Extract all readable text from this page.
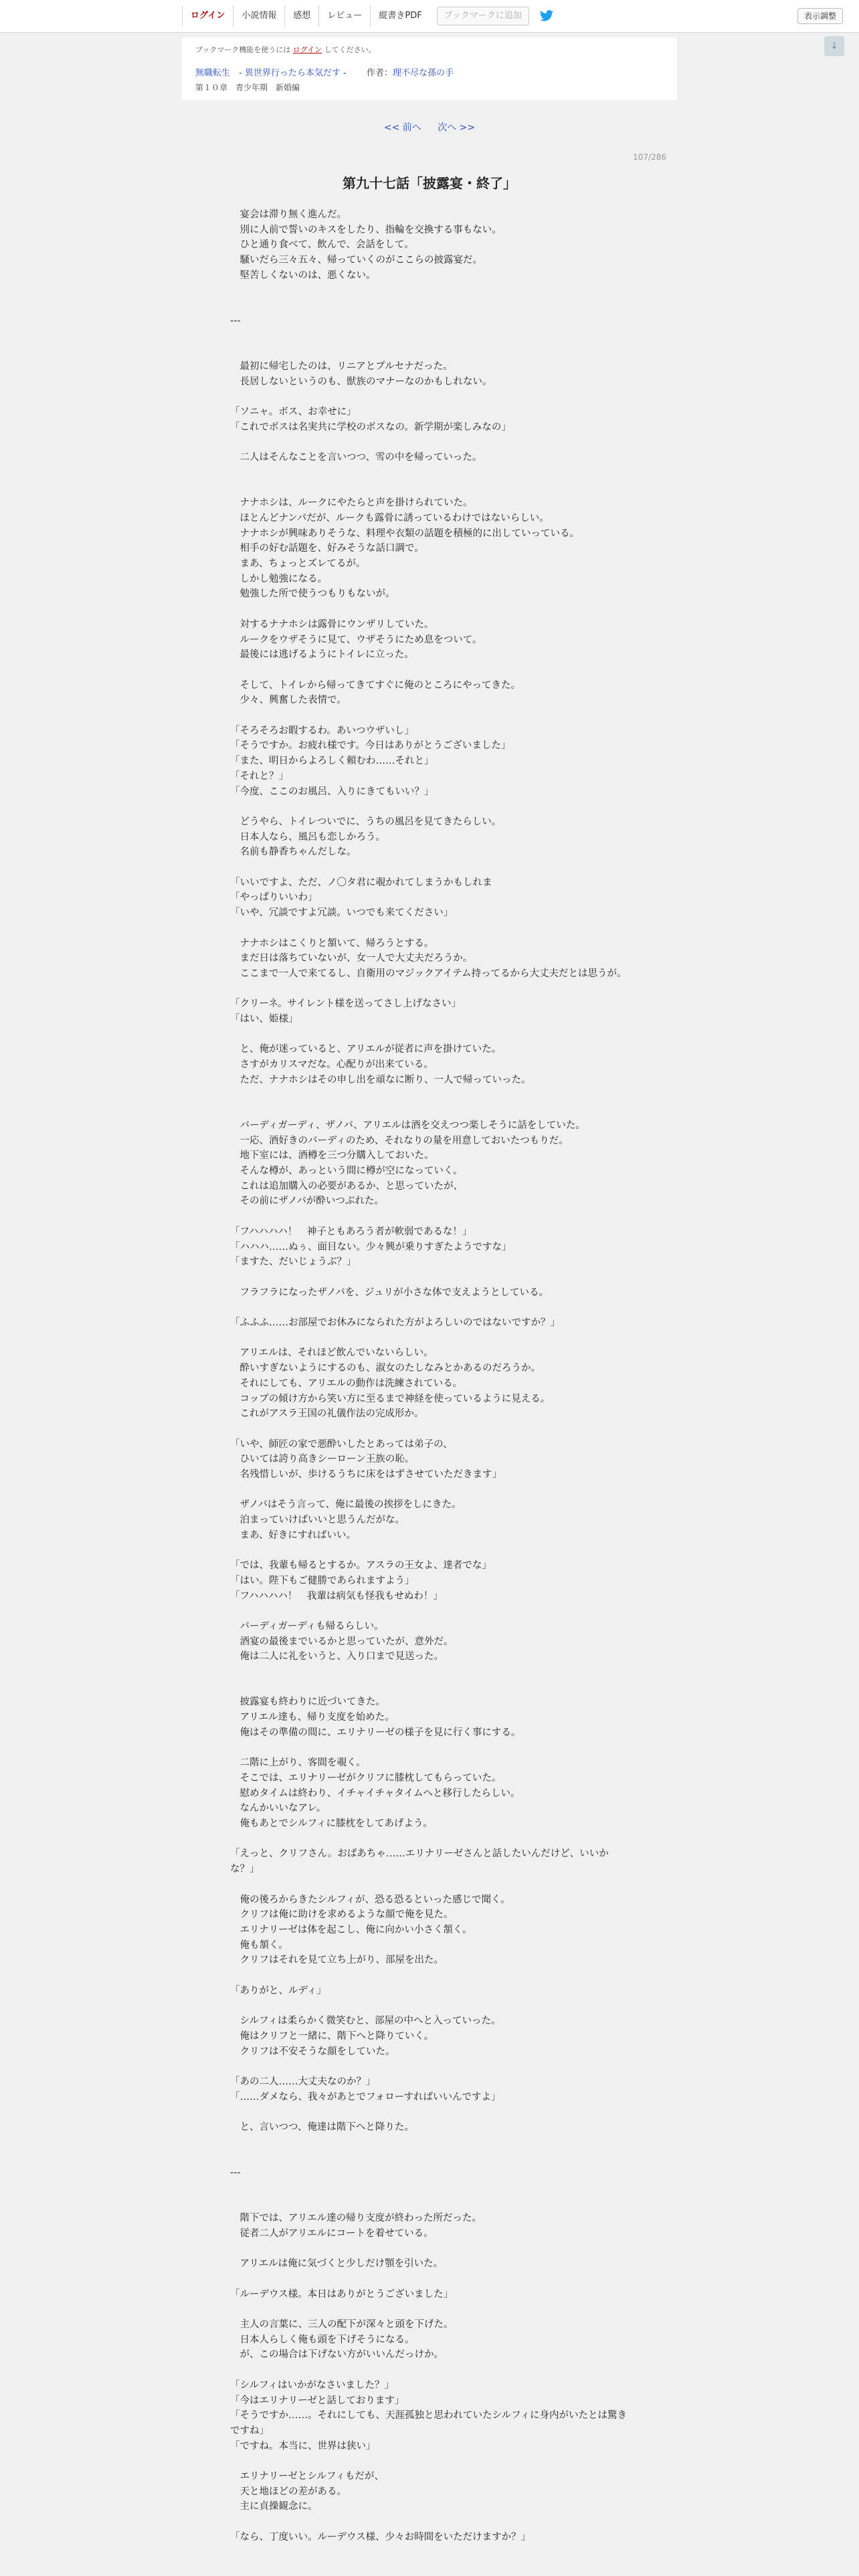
ログイン	小説情報	感想	レビュー	縦書きPDF	ブックマークに追加	表示調整
↓
ブックマーク機能を使うには ログイン してください。
無職転生　- 異世界行ったら本気だす - 作者：理不尽な孫の手
第１０章　青少年期　新婚編
<< 前へ 次へ >>
107/286
第九十七話「披露宴・終了」
　宴会は滞り無く進んだ。
　別に人前で誓いのキスをしたり、指輪を交換する事もない。
　ひと通り食べて、飲んで、会話をして。
　騒いだら三々五々、帰っていくのがここらの披露宴だ。
　堅苦しくないのは、悪くない。
---
　最初に帰宅したのは、リニアとプルセナだった。
　長居しないというのも、獣族のマナーなのかもしれない。
「ソニャ。ボス、お幸せに」
「これでボスは名実共に学校のボスなの。新学期が楽しみなの」
　二人はそんなことを言いつつ、雪の中を帰っていった。
　ナナホシは、ルークにやたらと声を掛けられていた。
　ほとんどナンパだが、ルークも露骨に誘っているわけではないらしい。
　ナナホシが興味ありそうな、料理や衣類の話題を積極的に出していっている。
　相手の好む話題を、好みそうな話口調で。
　まあ、ちょっとズレてるが。
　しかし勉強になる。
　勉強した所で使うつもりもないが。
　対するナナホシは露骨にウンザリしていた。
　ルークをウザそうに見て、ウザそうにため息をついて。
　最後には逃げるようにトイレに立った。
　そして、トイレから帰ってきてすぐに俺のところにやってきた。
　少々、興奮した表情で。
「そろそろお暇するわ。あいつウザいし」
「そうですか。お疲れ様です。今日はありがとうございました」
「また、明日からよろしく頼むわ……それと」
「それと？」
「今度、ここのお風呂、入りにきてもいい？」
　どうやら、トイレついでに、うちの風呂を見てきたらしい。
　日本人なら、風呂も恋しかろう。
　名前も静香ちゃんだしな。
「いいですよ、ただ、ノ〇タ君に覗かれてしまうかもしれま
「やっぱりいいわ」
「いや、冗談ですよ冗談。いつでも来てください」
　ナナホシはこくりと頷いて、帰ろうとする。
　まだ日は落ちていないが、女一人で大丈夫だろうか。
　ここまで一人で来てるし、自衛用のマジックアイテム持ってるから大丈夫だとは思うが。
「クリーネ。サイレント様を送ってさし上げなさい」
「はい、姫様」
　と、俺が迷っていると、アリエルが従者に声を掛けていた。
　さすがカリスマだな。心配りが出来ている。
　ただ、ナナホシはその申し出を頑なに断り、一人で帰っていった。
　バーディガーディ、ザノバ、アリエルは酒を交えつつ楽しそうに話をしていた。
　一応、酒好きのバーディのため、それなりの量を用意しておいたつもりだ。
　地下室には、酒樽を三つ分購入しておいた。
　そんな樽が、あっという間に樽が空になっていく。
　これは追加購入の必要があるか、と思っていたが、
　その前にザノバが酔いつぶれた。
「フハハハハ！　神子ともあろう者が軟弱であるな！」
「ハハハ……ぬぅ、面目ない。少々興が乗りすぎたようですな」
「ますた、だいじょうぶ？」
　フラフラになったザノバを、ジュリが小さな体で支えようとしている。
「ふふふ……お部屋でお休みになられた方がよろしいのではないですか？」
　アリエルは、それほど飲んでいないらしい。
　酔いすぎないようにするのも、淑女のたしなみとかあるのだろうか。
　それにしても、アリエルの動作は洗練されている。
　コップの傾け方から笑い方に至るまで神経を使っているように見える。
　これがアスラ王国の礼儀作法の完成形か。
「いや、師匠の家で悪酔いしたとあっては弟子の、
　ひいては誇り高きシーローン王族の恥。
　名残惜しいが、歩けるうちに床をはずさせていただきます」
　ザノバはそう言って、俺に最後の挨拶をしにきた。
　泊まっていけばいいと思うんだがな。
　まあ、好きにすればいい。
「では、我輩も帰るとするか。アスラの王女よ、達者でな」
「はい。陛下もご健勝であられますよう」
「フハハハハ！　我輩は病気も怪我もせぬわ！」
　バーディガーディも帰るらしい。
　酒宴の最後までいるかと思っていたが、意外だ。
　俺は二人に礼をいうと、入り口まで見送った。
　披露宴も終わりに近づいてきた。
　アリエル達も、帰り支度を始めた。
　俺はその準備の間に、エリナリーゼの様子を見に行く事にする。
　二階に上がり、客間を覗く。
　そこでは、エリナリーゼがクリフに膝枕してもらっていた。
　慰めタイムは終わり、イチャイチャタイムへと移行したらしい。
　なんかいいなアレ。
　俺もあとでシルフィに膝枕をしてあげよう。
「えっと、クリフさん。おばあちゃ……エリナリーゼさんと話したいんだけど、いいかな？」
　俺の後ろからきたシルフィが、恐る恐るといった感じで聞く。
　クリフは俺に助けを求めるような顔で俺を見た。
　エリナリーゼは体を起こし、俺に向かい小さく頷く。
　俺も頷く。
　クリフはそれを見て立ち上がり、部屋を出た。
「ありがと、ルディ」
　シルフィは柔らかく微笑むと、部屋の中へと入っていった。
　俺はクリフと一緒に、階下へと降りていく。
　クリフは不安そうな顔をしていた。
「あの二人……大丈夫なのか？」
「……ダメなら、我々があとでフォローすればいいんですよ」
　と、言いつつ、俺達は階下へと降りた。
---
　階下では、アリエル達の帰り支度が終わった所だった。
　従者二人がアリエルにコートを着せている。
　アリエルは俺に気づくと少しだけ顎を引いた。
「ルーデウス様。本日はありがとうございました」
　主人の言葉に、三人の配下が深々と頭を下げた。
　日本人らしく俺も頭を下げそうになる。
　が、この場合は下げない方がいいんだっけか。
「シルフィはいかがなさいました？」
「今はエリナリーゼと話しております」
「そうですか……。それにしても、天涯孤独と思われていたシルフィに身内がいたとは驚きですね」
「ですね。本当に、世界は狭い」
　エリナリーゼとシルフィもだが、
　天と地ほどの差がある。
　主に貞操観念に。
「なら、丁度いい。ルーデウス様、少々お時間をいただけますか？」
